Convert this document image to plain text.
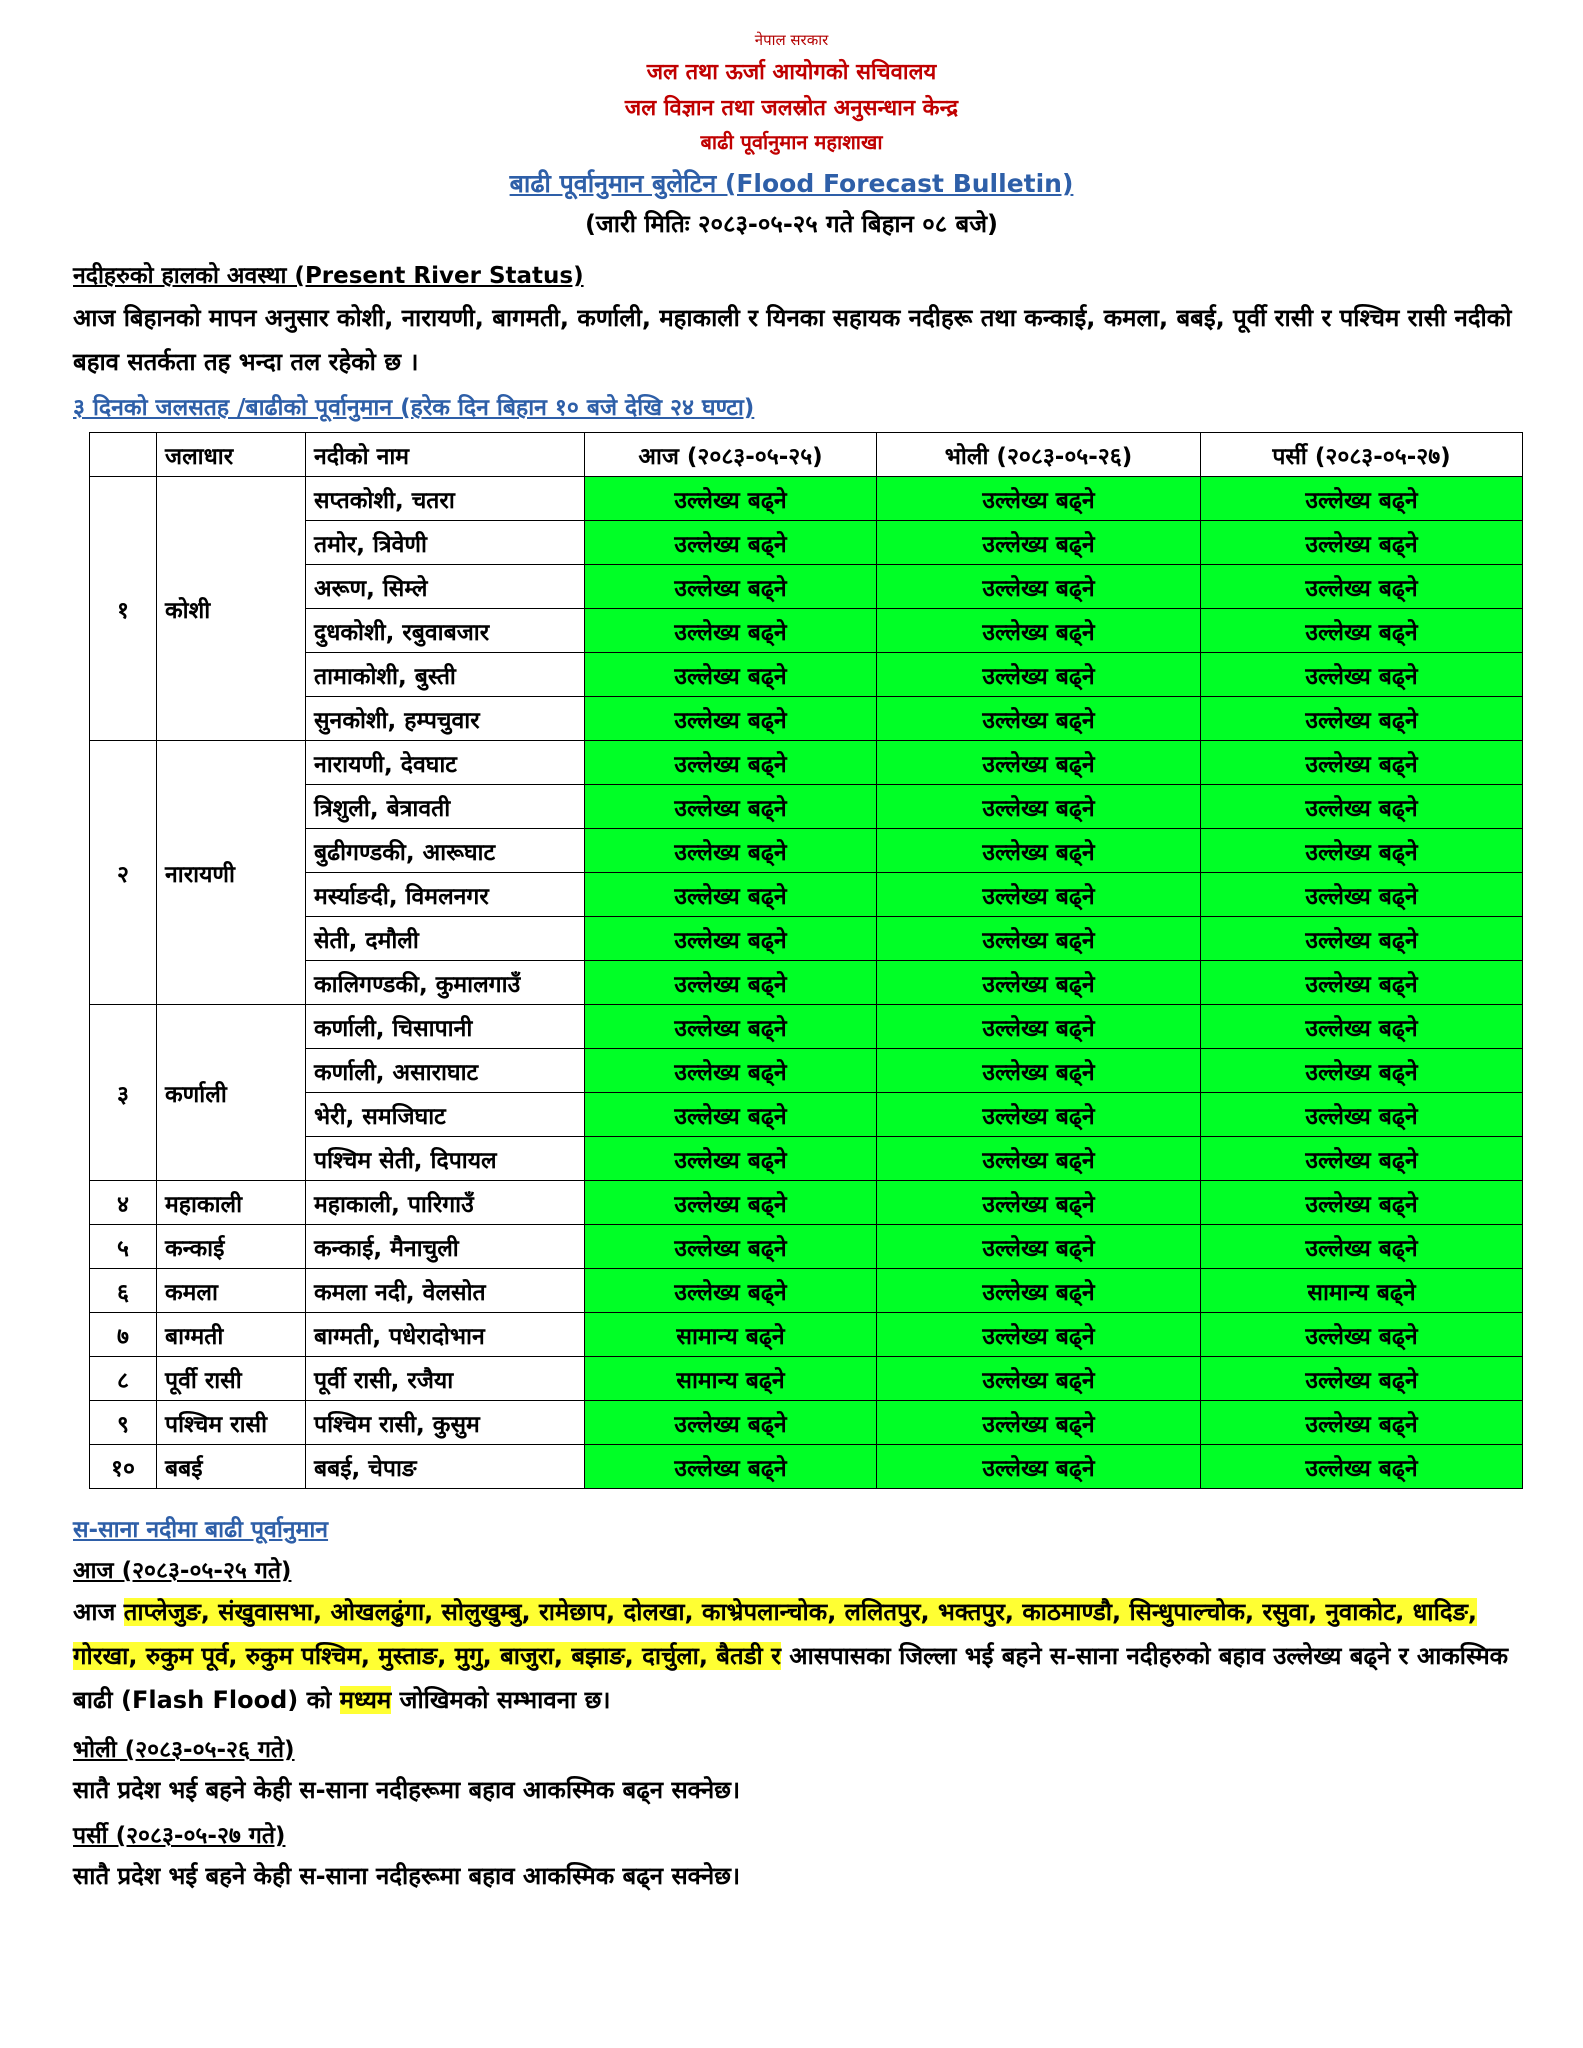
नेपाल सरकार
जल तथा ऊर्जा आयोगको सचिवालय
जल विज्ञान तथा जलस्रोत अनुसन्धान केन्द्र
बाढी पूर्वानुमान महाशाखा
बाढी पूर्वानुमान बुलेटिन (Flood Forecast Bulletin)
(जारी मितिः २०८३-०५-२५ गते बिहान ०८ बजे)
नदीहरुको हालको अवस्था (Present River Status)
आज बिहानको मापन अनुसार कोशी, नारायणी, बागमती, कर्णाली, महाकाली र यिनका सहायक नदीहरू तथा कन्काई, कमला, बबई, पूर्वी रासी र पश्चिम रासी नदीको बहाव सतर्कता तह भन्दा तल रहेको छ ।
३ दिनको जलसतह /बाढीको पूर्वानुमान (हरेक दिन बिहान १० बजे देखि २४ घण्टा)
	जलाधार	नदीको नाम	आज (२०८३-०५-२५)	भोली (२०८३-०५-२६)	पर्सी (२०८३-०५-२७)
१	कोशी	सप्तकोशी, चतरा	उल्लेख्य बढ्ने	उल्लेख्य बढ्ने	उल्लेख्य बढ्ने
		तमोर, त्रिवेणी	उल्लेख्य बढ्ने	उल्लेख्य बढ्ने	उल्लेख्य बढ्ने
		अरूण, सिम्ले	उल्लेख्य बढ्ने	उल्लेख्य बढ्ने	उल्लेख्य बढ्ने
		दुधकोशी, रबुवाबजार	उल्लेख्य बढ्ने	उल्लेख्य बढ्ने	उल्लेख्य बढ्ने
		तामाकोशी, बुस्ती	उल्लेख्य बढ्ने	उल्लेख्य बढ्ने	उल्लेख्य बढ्ने
		सुनकोशी, हम्पचुवार	उल्लेख्य बढ्ने	उल्लेख्य बढ्ने	उल्लेख्य बढ्ने
२	नारायणी	नारायणी, देवघाट	उल्लेख्य बढ्ने	उल्लेख्य बढ्ने	उल्लेख्य बढ्ने
		त्रिशुली, बेत्रावती	उल्लेख्य बढ्ने	उल्लेख्य बढ्ने	उल्लेख्य बढ्ने
		बुढीगण्डकी, आरूघाट	उल्लेख्य बढ्ने	उल्लेख्य बढ्ने	उल्लेख्य बढ्ने
		मर्स्याङदी, विमलनगर	उल्लेख्य बढ्ने	उल्लेख्य बढ्ने	उल्लेख्य बढ्ने
		सेती, दमौली	उल्लेख्य बढ्ने	उल्लेख्य बढ्ने	उल्लेख्य बढ्ने
		कालिगण्डकी, कुमालगाउँ	उल्लेख्य बढ्ने	उल्लेख्य बढ्ने	उल्लेख्य बढ्ने
३	कर्णाली	कर्णाली, चिसापानी	उल्लेख्य बढ्ने	उल्लेख्य बढ्ने	उल्लेख्य बढ्ने
		कर्णाली, असाराघाट	उल्लेख्य बढ्ने	उल्लेख्य बढ्ने	उल्लेख्य बढ्ने
		भेरी, समजिघाट	उल्लेख्य बढ्ने	उल्लेख्य बढ्ने	उल्लेख्य बढ्ने
		पश्चिम सेती, दिपायल	उल्लेख्य बढ्ने	उल्लेख्य बढ्ने	उल्लेख्य बढ्ने
४	महाकाली	महाकाली, पारिगाउँ	उल्लेख्य बढ्ने	उल्लेख्य बढ्ने	उल्लेख्य बढ्ने
५	कन्काई	कन्काई, मैनाचुली	उल्लेख्य बढ्ने	उल्लेख्य बढ्ने	उल्लेख्य बढ्ने
६	कमला	कमला नदी, वेलसोत	उल्लेख्य बढ्ने	उल्लेख्य बढ्ने	सामान्य बढ्ने
७	बाग्मती	बाग्मती, पधेरादोभान	सामान्य बढ्ने	उल्लेख्य बढ्ने	उल्लेख्य बढ्ने
८	पूर्वी रासी	पूर्वी रासी, रजैया	सामान्य बढ्ने	उल्लेख्य बढ्ने	उल्लेख्य बढ्ने
९	पश्चिम रासी	पश्चिम रासी, कुसुम	उल्लेख्य बढ्ने	उल्लेख्य बढ्ने	उल्लेख्य बढ्ने
१०	बबई	बबई, चेपाङ	उल्लेख्य बढ्ने	उल्लेख्य बढ्ने	उल्लेख्य बढ्ने
स-साना नदीमा बाढी पूर्वानुमान
आज (२०८३-०५-२५ गते)
आज ताप्लेजुङ, संखुवासभा, ओखलढुंगा, सोलुखुम्बु, रामेछाप, दोलखा, काभ्रेपलान्चोक, ललितपुर, भक्तपुर, काठमाण्डौ, सिन्धुपाल्चोक, रसुवा, नुवाकोट, धादिङ, गोरखा, रुकुम पूर्व, रुकुम पश्चिम, मुस्ताङ, मुगु, बाजुरा, बझाङ, दार्चुला, बैतडी र आसपासका जिल्ला भई बहने स-साना नदीहरुको बहाव उल्लेख्य बढ्ने र आकस्मिक बाढी (Flash Flood) को मध्यम जोखिमको सम्भावना छ।
भोली (२०८३-०५-२६ गते)
सातै प्रदेश भई बहने केही स-साना नदीहरूमा बहाव आकस्मिक बढ्न सक्नेछ।
पर्सी (२०८३-०५-२७ गते)
सातै प्रदेश भई बहने केही स-साना नदीहरूमा बहाव आकस्मिक बढ्न सक्नेछ।
